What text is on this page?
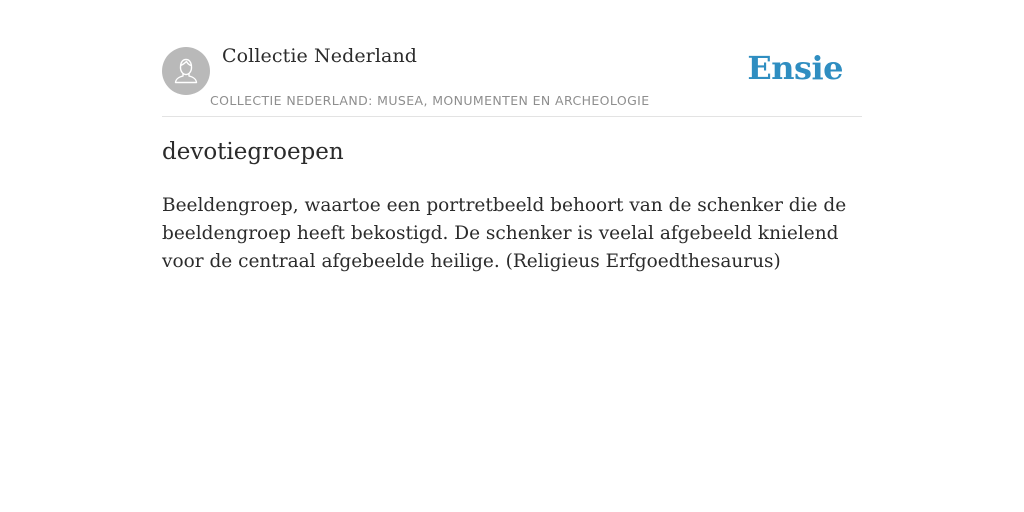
Collectie Nederland
COLLECTIE NEDERLAND: MUSEA, MONUMENTEN EN ARCHEOLOGIE
Ensie
devotiegroepen

Beeldengroep, waartoe een portretbeeld behoort van de schenker die de beeldengroep heeft bekostigd. De schenker is veelal afgebeeld knielend voor de centraal afgebeelde heilige. (Religieus Erfgoedthesaurus)
